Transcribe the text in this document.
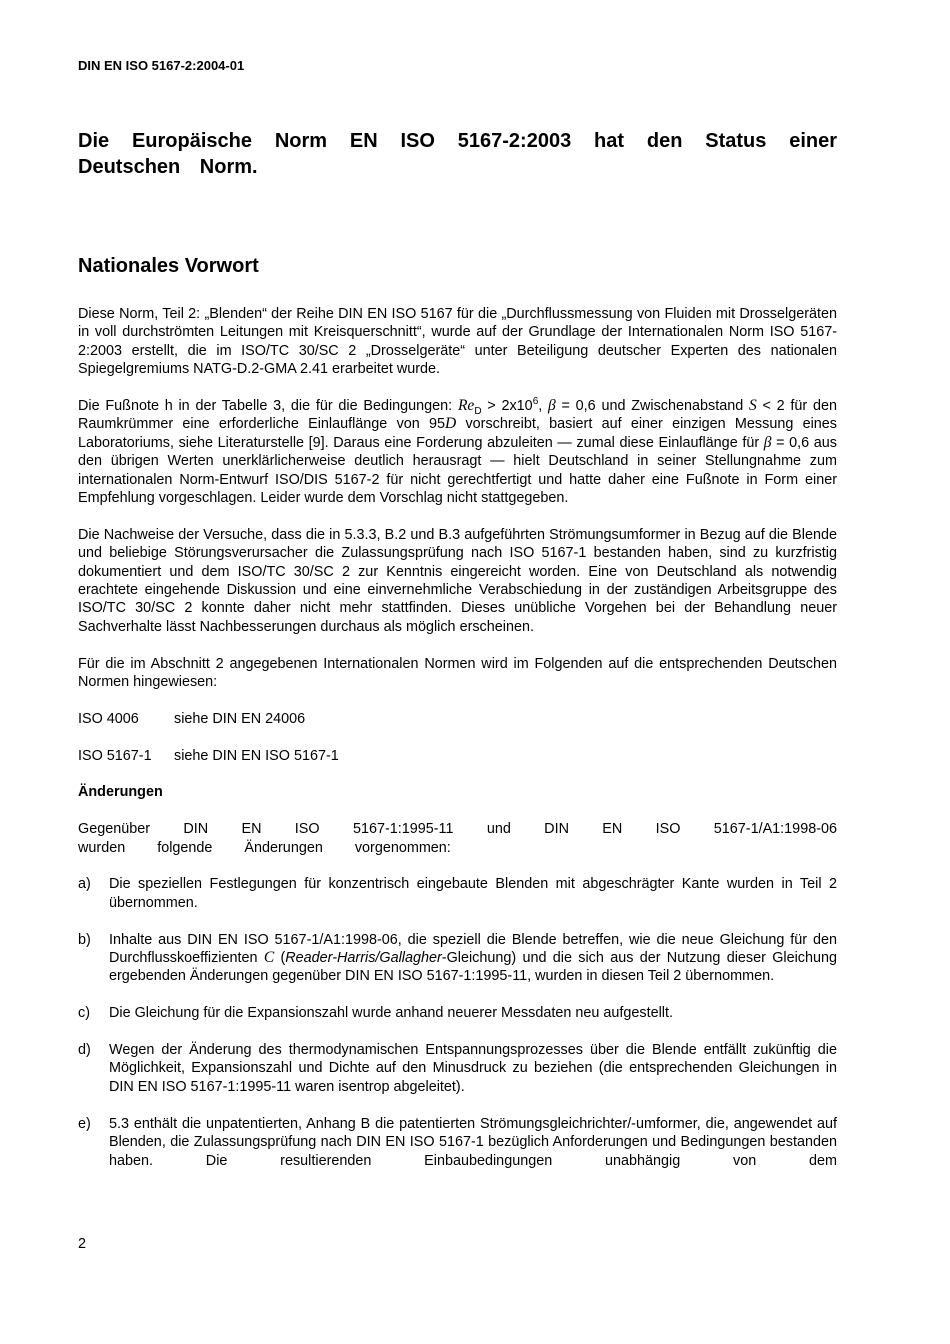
DIN EN ISO 5167-2:2004-01
Die Europäische Norm EN ISO 5167-2:2003 hat den Status einer Deutschen Norm.
Nationales Vorwort

Diese Norm, Teil 2: „Blenden“ der Reihe DIN EN ISO 5167 für die „Durchflussmessung von Fluiden mit Drosselgeräten in voll durchströmten Leitungen mit Kreisquerschnitt“, wurde auf der Grundlage der Internationalen Norm ISO 5167-2:2003 erstellt, die im ISO/TC 30/SC 2 „Drosselgeräte“ unter Beteiligung deutscher Experten des nationalen Spiegelgremiums NATG-D.2-GMA 2.41 erarbeitet wurde.

Die Fußnote h in der Tabelle 3, die für die Bedingungen: $Re_D > 2x10^6$, β = 0,6 und Zwischenabstand S < 2 für den Raumkrümmer eine erforderliche Einlauflänge von 95D vorschreibt, basiert auf einer einzigen Messung eines Laboratoriums, siehe Literaturstelle [9]. Daraus eine Forderung abzuleiten — zumal diese Einlauflänge für β = 0,6 aus den übrigen Werten unerklärlicherweise deutlich herausragt — hielt Deutschland in seiner Stellungnahme zum internationalen Norm-Entwurf ISO/DIS 5167-2 für nicht gerechtfertigt und hatte daher eine Fußnote in Form einer Empfehlung vorgeschlagen. Leider wurde dem Vorschlag nicht stattgegeben.

Die Nachweise der Versuche, dass die in 5.3.3, B.2 und B.3 aufgeführten Strömungsumformer in Bezug auf die Blende und beliebige Störungsverursacher die Zulassungsprüfung nach ISO 5167-1 bestanden haben, sind zu kurzfristig dokumentiert und dem ISO/TC 30/SC 2 zur Kenntnis eingereicht worden. Eine von Deutschland als notwendig erachtete eingehende Diskussion und eine einvernehmliche Verabschiedung in der zuständigen Arbeitsgruppe des ISO/TC 30/SC 2 konnte daher nicht mehr stattfinden. Dieses unübliche Vorgehen bei der Behandlung neuer Sachverhalte lässt Nachbesserungen durchaus als möglich erscheinen.

Für die im Abschnitt 2 angegebenen Internationalen Normen wird im Folgenden auf die entsprechenden Deutschen Normen hingewiesen:

ISO 4006	siehe DIN EN 24006
ISO 5167-1	siehe DIN EN ISO 5167-1

Änderungen

Gegenüber DIN EN ISO 5167-1:1995-11 und DIN EN ISO 5167-1/A1:1998-06 wurden folgende Änderungen vorgenommen:

a)	Die speziellen Festlegungen für konzentrisch eingebaute Blenden mit abgeschrägter Kante wurden in Teil 2 übernommen.
b)	Inhalte aus DIN EN ISO 5167-1/A1:1998-06, die speziell die Blende betreffen, wie die neue Gleichung für den Durchflusskoeffizienten C (Reader-Harris/Gallagher-Gleichung) und die sich aus der Nutzung dieser Gleichung ergebenden Änderungen gegenüber DIN EN ISO 5167-1:1995-11, wurden in diesen Teil 2 übernommen.
c)	Die Gleichung für die Expansionszahl wurde anhand neuerer Messdaten neu aufgestellt.
d)	Wegen der Änderung des thermodynamischen Entspannungsprozesses über die Blende entfällt zukünftig die Möglichkeit, Expansionszahl und Dichte auf den Minusdruck zu beziehen (die entsprechenden Gleichungen in DIN EN ISO 5167-1:1995-11 waren isentrop abgeleitet).
e)	5.3 enthält die unpatentierten, Anhang B die patentierten Strömungsgleichrichter/-umformer, die, angewendet auf Blenden, die Zulassungsprüfung nach DIN EN ISO 5167-1 bezüglich Anforderungen und Bedingungen bestanden haben. Die resultierenden Einbaubedingungen unabhängig von dem
2
